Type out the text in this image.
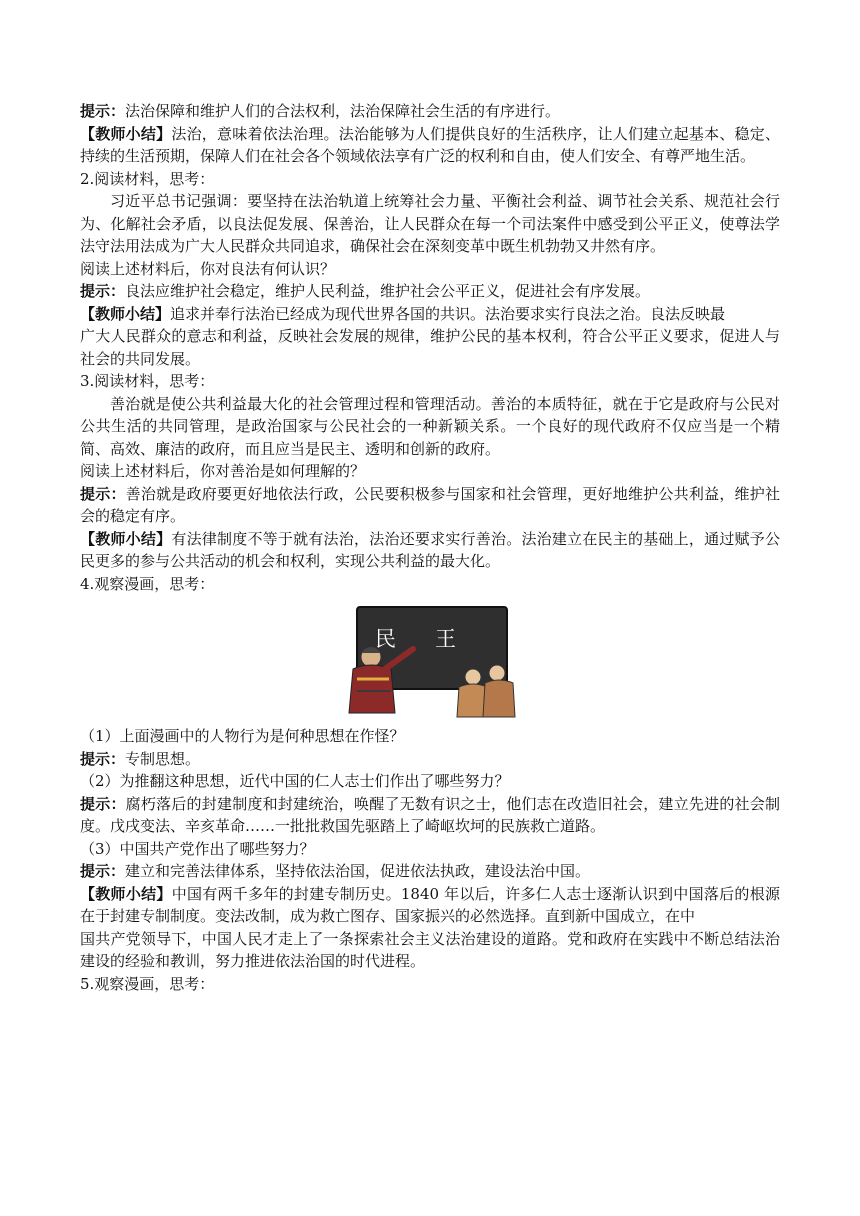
提示：法治保障和维护人们的合法权利，法治保障社会生活的有序进行。

【教师小结】法治，意味着依法治理。法治能够为人们提供良好的生活秩序，让人们建立起基本、稳定、持续的生活预期，保障人们在社会各个领域依法享有广泛的权利和自由，使人们安全、有尊严地生活。

2.阅读材料，思考：

习近平总书记强调：要坚持在法治轨道上统筹社会力量、平衡社会利益、调节社会关系、规范社会行为、化解社会矛盾，以良法促发展、保善治，让人民群众在每一个司法案件中感受到公平正义，使尊法学法守法用法成为广大人民群众共同追求，确保社会在深刻变革中既生机勃勃又井然有序。

阅读上述材料后，你对良法有何认识？

提示：良法应维护社会稳定，维护人民利益，维护社会公平正义，促进社会有序发展。

【教师小结】追求并奉行法治已经成为现代世界各国的共识。法治要求实行良法之治。良法反映最

广大人民群众的意志和利益，反映社会发展的规律，维护公民的基本权利，符合公平正义要求，促进人与社会的共同发展。

3.阅读材料，思考：

善治就是使公共利益最大化的社会管理过程和管理活动。善治的本质特征，就在于它是政府与公民对公共生活的共同管理，是政治国家与公民社会的一种新颖关系。一个良好的现代政府不仅应当是一个精简、高效、廉洁的政府，而且应当是民主、透明和创新的政府。

阅读上述材料后，你对善治是如何理解的？

提示：善治就是政府要更好地依法行政，公民要积极参与国家和社会管理，更好地维护公共利益，维护社会的稳定有序。

【教师小结】有法律制度不等于就有法治，法治还要求实行善治。法治建立在民主的基础上，通过赋予公民更多的参与公共活动的机会和权利，实现公共利益的最大化。

4.观察漫画，思考：

民 王

（1）上面漫画中的人物行为是何种思想在作怪？

提示：专制思想。

（2）为推翻这种思想，近代中国的仁人志士们作出了哪些努力？

提示：腐朽落后的封建制度和封建统治，唤醒了无数有识之士，他们志在改造旧社会，建立先进的社会制度。戊戌变法、辛亥革命……一批批救国先驱踏上了崎岖坎坷的民族救亡道路。

（3）中国共产党作出了哪些努力？

提示：建立和完善法律体系，坚持依法治国，促进依法执政，建设法治中国。

【教师小结】中国有两千多年的封建专制历史。1840 年以后，许多仁人志士逐渐认识到中国落后的根源在于封建专制制度。变法改制，成为救亡图存、国家振兴的必然选择。直到新中国成立，在中

国共产党领导下，中国人民才走上了一条探索社会主义法治建设的道路。党和政府在实践中不断总结法治建设的经验和教训，努力推进依法治国的时代进程。

5.观察漫画，思考：
